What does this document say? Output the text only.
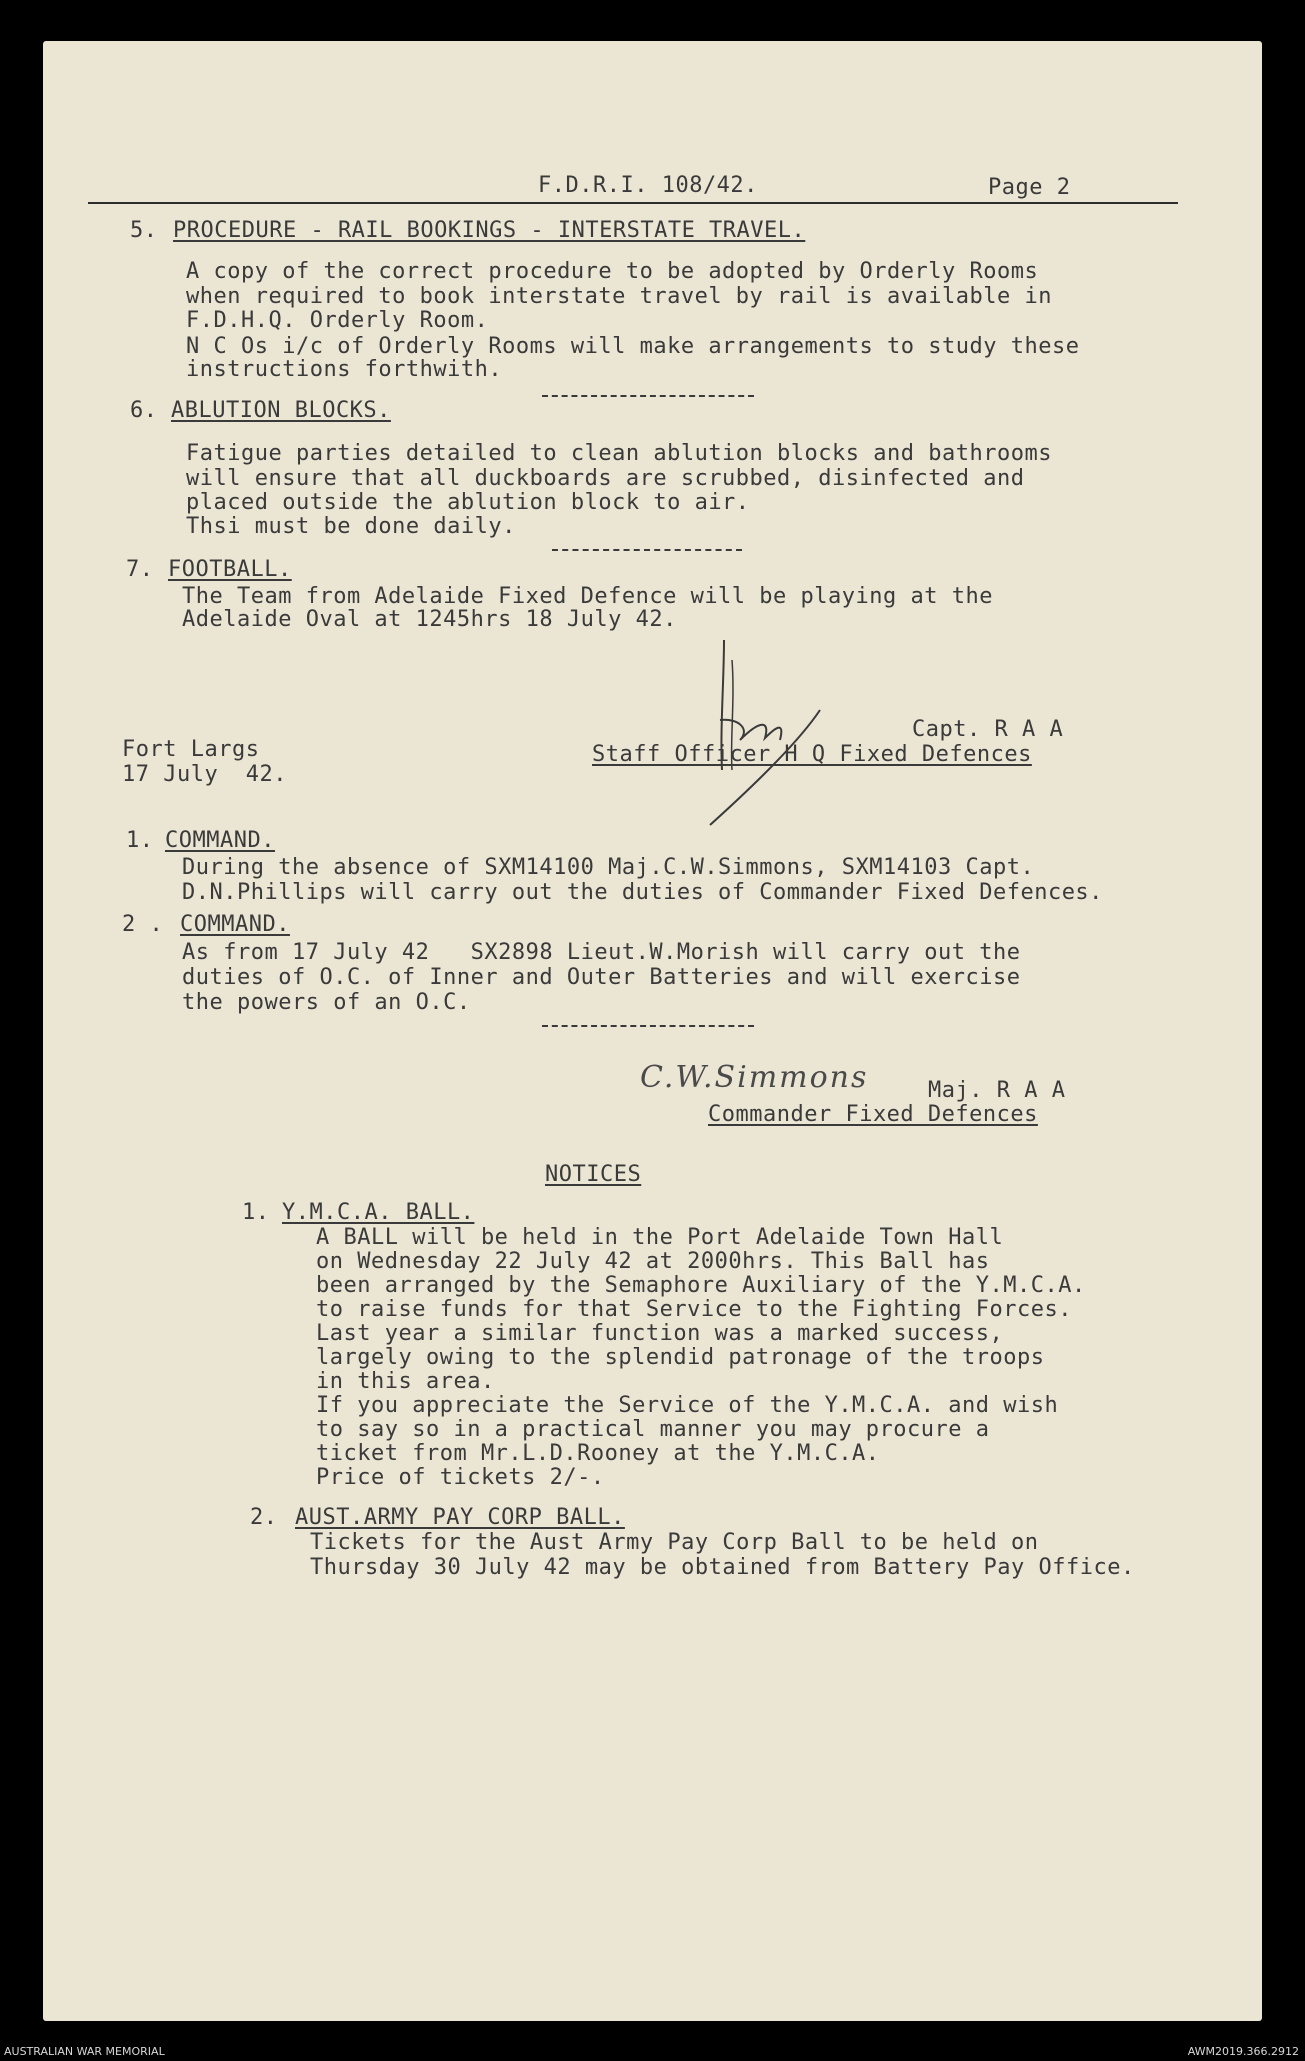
F.D.R.I. 108/42.	Page 2
5. PROCEDURE - RAIL BOOKINGS - INTERSTATE TRAVEL.
A copy of the correct procedure to be adopted by Orderly Rooms
when required to book interstate travel by rail is available in
F.D.H.Q. Orderly Room.
N C Os i/c of Orderly Rooms will make arrangements to study these
instructions forthwith.
6. ABLUTION BLOCKS.
Fatigue parties detailed to clean ablution blocks and bathrooms
will ensure that all duckboards are scrubbed, disinfected and
placed outside the ablution block to air.
Thsi must be done daily.
7. FOOTBALL.
The Team from Adelaide Fixed Defence will be playing at the
Adelaide Oval at 1245hrs 18 July 42.
Fort Largs
17 July  42.
Capt. R A A
Staff Officer H Q Fixed Defences
1. COMMAND.
During the absence of SXM14100 Maj.C.W.Simmons, SXM14103 Capt.
D.N.Phillips will carry out the duties of Commander Fixed Defences.
2 . COMMAND.
As from 17 July 42   SX2898 Lieut.W.Morish will carry out the
duties of O.C. of Inner and Outer Batteries and will exercise
the powers of an O.C.
C.W.Simmons	Maj. R A A
Commander Fixed Defences
NOTICES
1. Y.M.C.A. BALL.
A BALL will be held in the Port Adelaide Town Hall
on Wednesday 22 July 42 at 2000hrs. This Ball has
been arranged by the Semaphore Auxiliary of the Y.M.C.A.
to raise funds for that Service to the Fighting Forces.
Last year a similar function was a marked success,
largely owing to the splendid patronage of the troops
in this area.
If you appreciate the Service of the Y.M.C.A. and wish
to say so in a practical manner you may procure a
ticket from Mr.L.D.Rooney at the Y.M.C.A.
Price of tickets 2/-.
2. AUST.ARMY PAY CORP BALL.
Tickets for the Aust Army Pay Corp Ball to be held on
Thursday 30 July 42 may be obtained from Battery Pay Office.
AUSTRALIAN WAR MEMORIAL	AWM2019.366.2912
